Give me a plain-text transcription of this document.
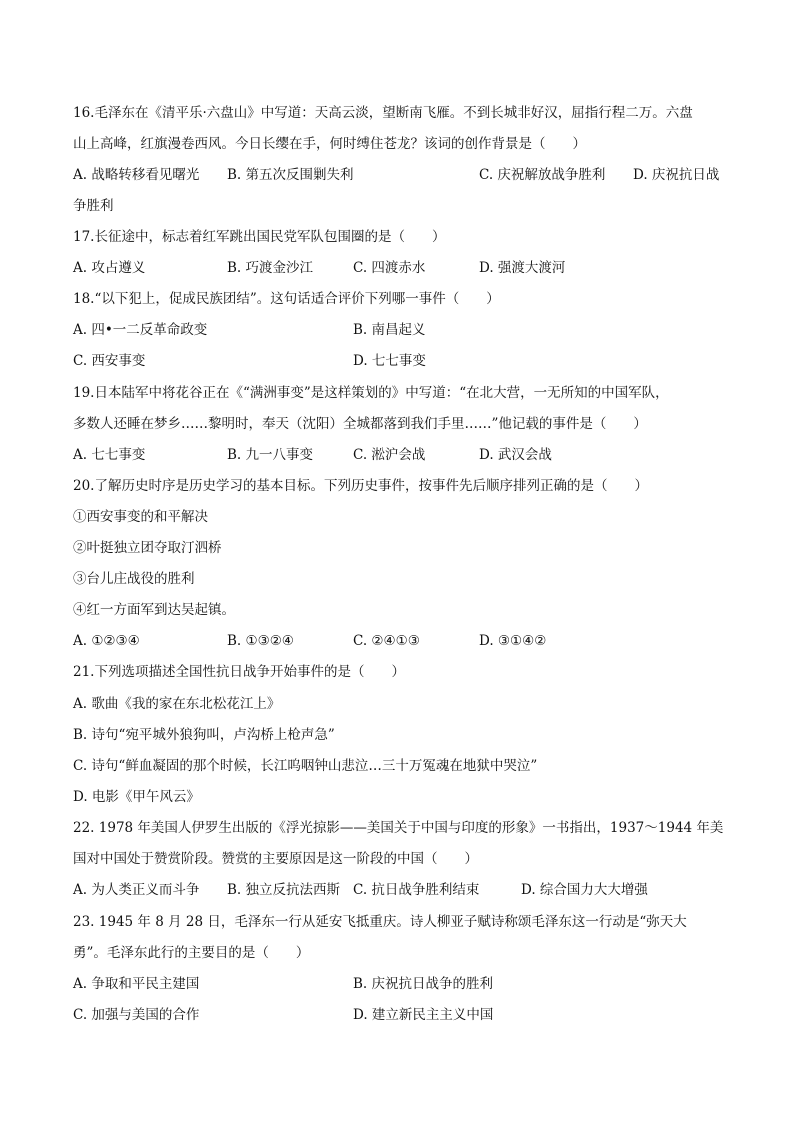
16.毛泽东在《清平乐·六盘山》中写道：天高云淡，望断南飞雁。不到长城非好汉，屈指行程二万。六盘
山上高峰，红旗漫卷西风。今日长缨在手，何时缚住苍龙？该词的创作背景是（　　）
A. 战略转移看见曙光 B. 第五次反围剿失利	C. 庆祝解放战争胜利 D. 庆祝抗日战
争胜利
17.长征途中，标志着红军跳出国民党军队包围圈的是（　　）
A. 攻占遵义	B. 巧渡金沙江	C. 四渡赤水	D. 强渡大渡河
18.“以下犯上，促成民族团结”。这句话适合评价下列哪一事件（　　）
A. 四•一二反革命政变	B. 南昌起义
C. 西安事变	D. 七七事变
19.日本陆军中将花谷正在《“满洲事变”是这样策划的》中写道：“在北大营，一无所知的中国军队，
多数人还睡在梦乡……黎明时，奉天（沈阳）全城都落到我们手里……”他记载的事件是（　　）
A. 七七事变	B. 九一八事变	C. 淞沪会战	D. 武汉会战
20.了解历史时序是历史学习的基本目标。下列历史事件，按事件先后顺序排列正确的是（　　）
①西安事变的和平解决
②叶挺独立团夺取汀泗桥
③台儿庄战役的胜利
④红一方面军到达吴起镇。
A. ①②③④	B. ①③②④	C. ②④①③	D. ③①④②
21.下列选项描述全国性抗日战争开始事件的是（　　）
A. 歌曲《我的家在东北松花江上》
B. 诗句“宛平城外狼狗叫，卢沟桥上枪声急”
C. 诗句“鲜血凝固的那个时候，长江呜咽钟山悲泣…三十万冤魂在地狱中哭泣”
D. 电影《甲午风云》
22. 1978 年美国人伊罗生出版的《浮光掠影——美国关于中国与印度的形象》一书指出，1937～1944 年美
国对中国处于赞赏阶段。赞赏的主要原因是这一阶段的中国（　　）
A. 为人类正义而斗争 B. 独立反抗法西斯 C. 抗日战争胜利结束	D. 综合国力大大增强
23. 1945 年 8 月 28 日，毛泽东一行从延安飞抵重庆。诗人柳亚子赋诗称颂毛泽东这一行动是“弥天大
勇”。毛泽东此行的主要目的是（　　）
A. 争取和平民主建国	B. 庆祝抗日战争的胜利
C. 加强与美国的合作	D. 建立新民主主义中国
